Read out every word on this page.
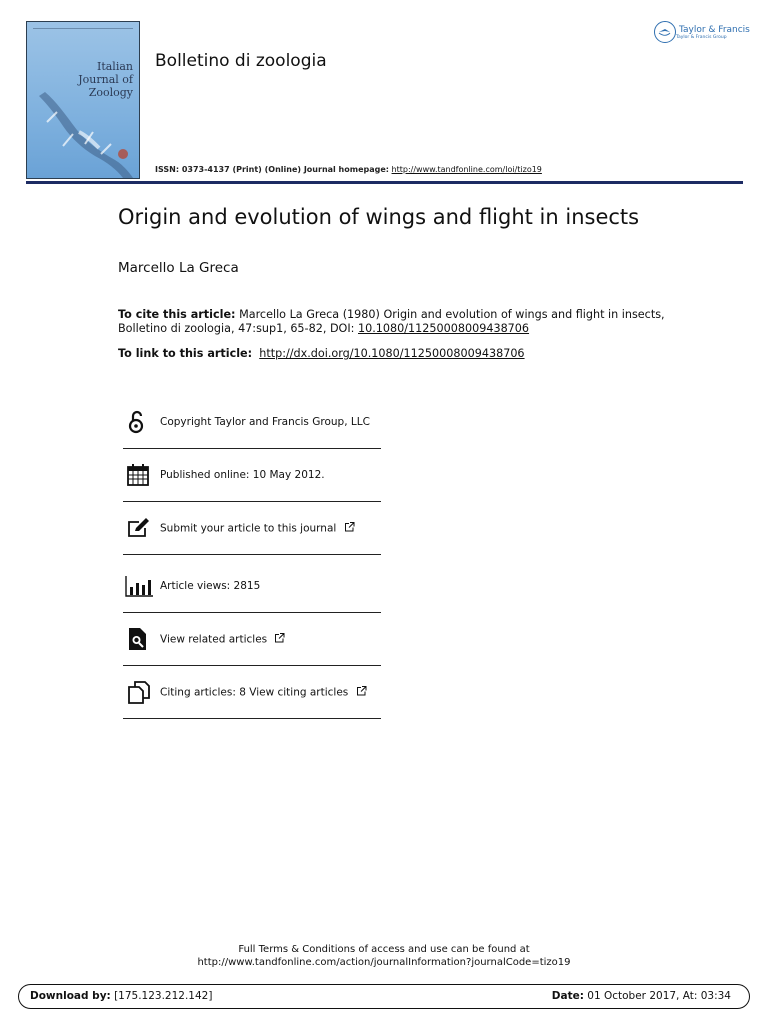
Italian
Journal of
Zoology
Bolletino di zoologia
Taylor & Francis
Taylor & Francis Group
ISSN: 0373-4137 (Print) (Online) Journal homepage: http://www.tandfonline.com/loi/tizo19
Origin and evolution of wings and flight in insects
Marcello La Greca
To cite this article: Marcello La Greca (1980) Origin and evolution of wings and flight in insects, Bolletino di zoologia, 47:sup1, 65-82, DOI: 10.1080/11250008009438706
To link to this article: http://dx.doi.org/10.1080/11250008009438706
Copyright Taylor and Francis Group, LLC
Published online: 10 May 2012.
Submit your article to this journal
Article views: 2815
View related articles
Citing articles: 8 View citing articles
Full Terms & Conditions of access and use can be found at
http://www.tandfonline.com/action/journalInformation?journalCode=tizo19
Download by: [175.123.212.142]	Date: 01 October 2017, At: 03:34
